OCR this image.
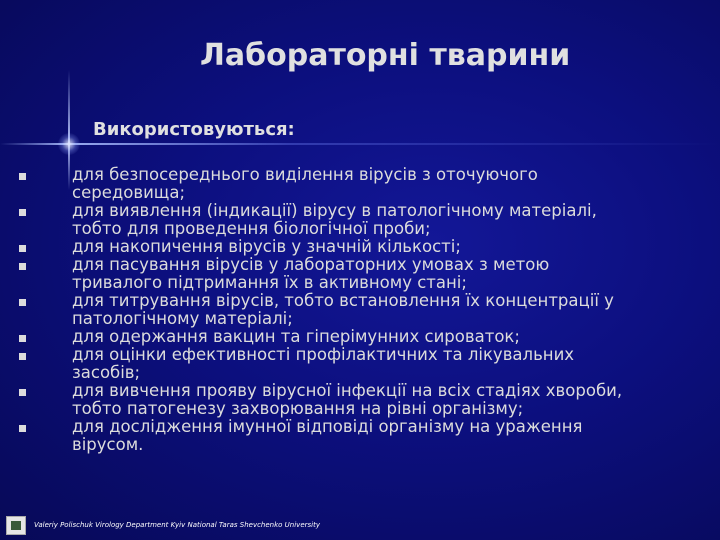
Лабораторні тварини
Використовуються:
для безпосереднього виділення вірусів з оточуючого середовища;
для виявлення (індикації) вірусу в патологічному матеріалі, тобто для проведення біологічної проби;
для накопичення вірусів у значній кількості;
для пасування вірусів у лабораторних умовах з метою тривалого підтримання їх в активному стані;
для титрування вірусів, тобто встановлення їх концентрації у патологічному матеріалі;
для одержання вакцин та гіперімунних сироваток;
для оцінки ефективності профілактичних та лікувальних засобів;
для вивчення прояву вірусної інфекції на всіх стадіях хвороби, тобто патогенезу захворювання на рівні організму;
для дослідження імунної відповіді організму на ураження вірусом.
Valeriy Polischuk Virology Department Kyiv National Taras Shevchenko University
